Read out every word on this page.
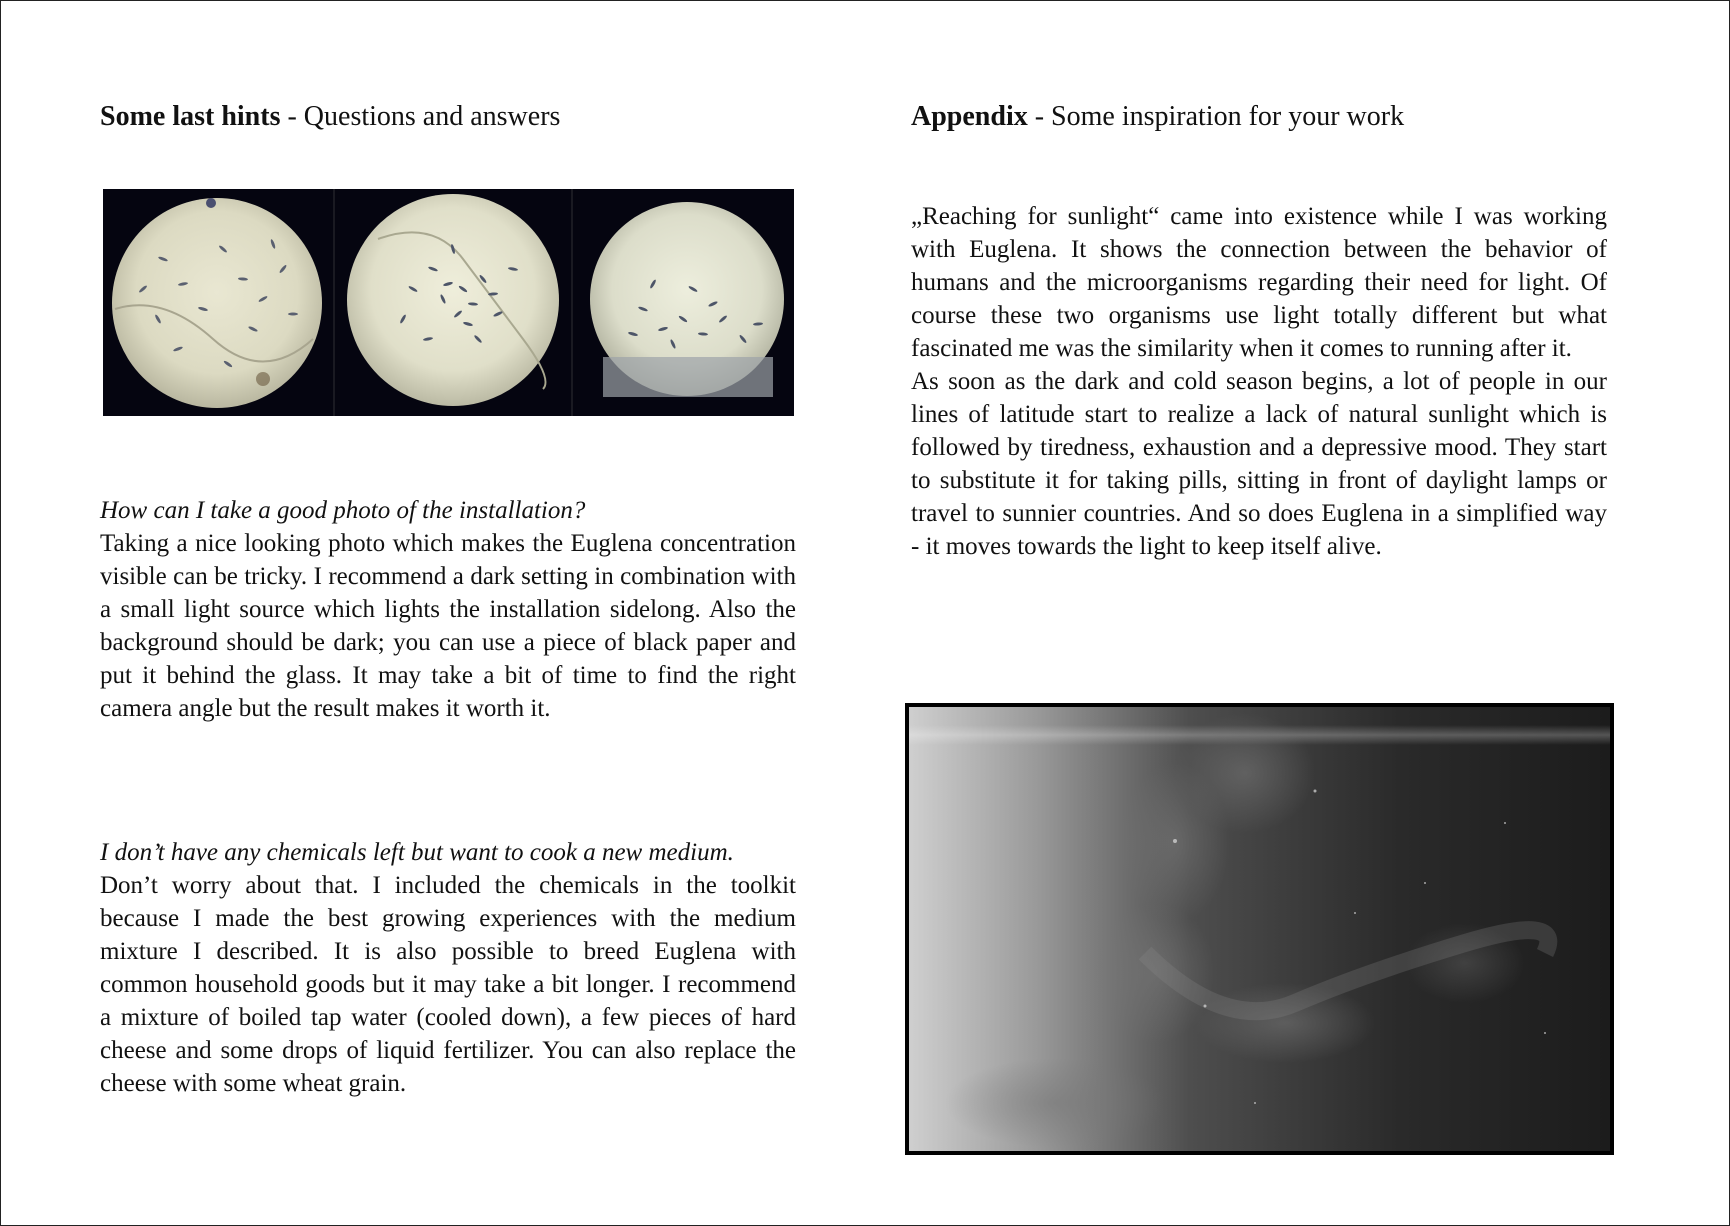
Some last hints - Questions and answers

How can I take a good photo of the installation?

Taking a nice looking photo which makes the Euglena concentration visible can be tricky. I recommend a dark setting in combination with a small light source which lights the installation sidelong. Also the background should be dark; you can use a piece of black paper and put it behind the glass. It may take a bit of time to find the right camera angle but the result makes it worth it.

I don’t have any chemicals left but want to cook a new medium.

Don’t worry about that. I included the chemicals in the toolkit because I made the best growing experiences with the medium mixture I described. It is also possible to breed Euglena with common household goods but it may take a bit longer. I recommend a mixture of boiled tap water (cooled down), a few pieces of hard cheese and some drops of liquid fertilizer. You can also replace the cheese with some wheat grain.

Appendix - Some inspiration for your work

„Reaching for sunlight“ came into existence while I was working with Euglena. It shows the connection between the behavior of humans and the microorganisms regarding their need for light. Of course these two organisms use light totally different but what fascinated me was the similarity when it comes to running after it.

As soon as the dark and cold season begins, a lot of people in our lines of latitude start to realize a lack of natural sunlight which is followed by tiredness, exhaustion and a depressive mood. They start to substitute it for taking pills, sitting in front of daylight lamps or travel to sunnier countries. And so does Euglena in a simplified way - it moves towards the light to keep itself alive.
